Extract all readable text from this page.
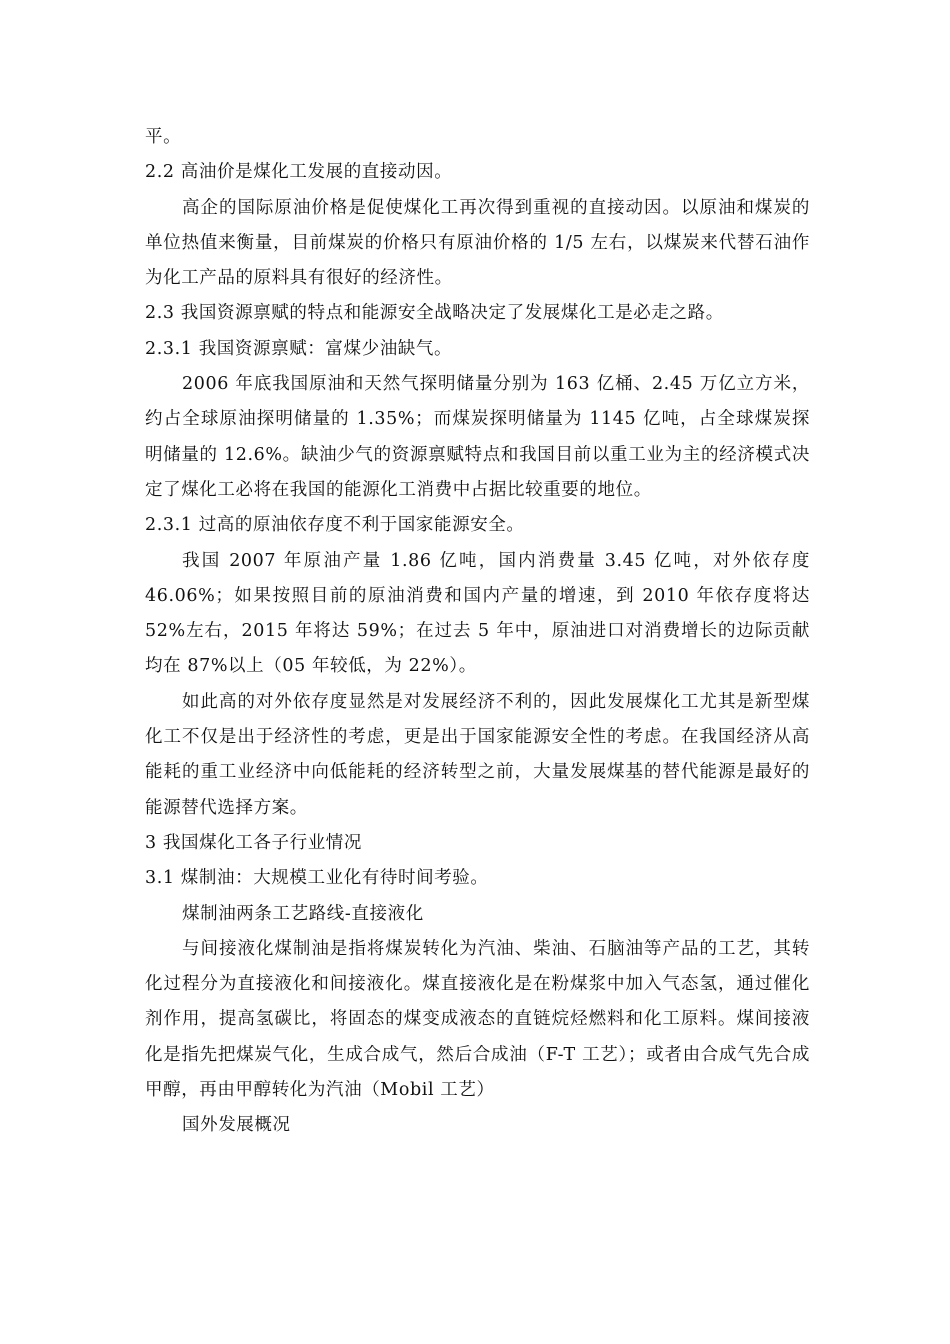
平。

2.2 高油价是煤化工发展的直接动因。

高企的国际原油价格是促使煤化工再次得到重视的直接动因。以原油和煤炭的单位热值来衡量，目前煤炭的价格只有原油价格的 1/5 左右，以煤炭来代替石油作为化工产品的原料具有很好的经济性。

2.3 我国资源禀赋的特点和能源安全战略决定了发展煤化工是必走之路。

2.3.1 我国资源禀赋：富煤少油缺气。

2006 年底我国原油和天然气探明储量分别为 163 亿桶、2.45 万亿立方米，约占全球原油探明储量的 1.35%；而煤炭探明储量为 1145 亿吨，占全球煤炭探明储量的 12.6%。缺油少气的资源禀赋特点和我国目前以重工业为主的经济模式决定了煤化工必将在我国的能源化工消费中占据比较重要的地位。

2.3.1 过高的原油依存度不利于国家能源安全。

我国 2007 年原油产量 1.86 亿吨，国内消费量 3.45 亿吨，对外依存度 46.06%；如果按照目前的原油消费和国内产量的增速，到 2010 年依存度将达 52%左右，2015 年将达 59%；在过去 5 年中，原油进口对消费增长的边际贡献均在 87%以上（05 年较低，为 22%）。

如此高的对外依存度显然是对发展经济不利的，因此发展煤化工尤其是新型煤化工不仅是出于经济性的考虑，更是出于国家能源安全性的考虑。在我国经济从高能耗的重工业经济中向低能耗的经济转型之前，大量发展煤基的替代能源是最好的能源替代选择方案。

3 我国煤化工各子行业情况

3.1 煤制油：大规模工业化有待时间考验。

煤制油两条工艺路线-直接液化

与间接液化煤制油是指将煤炭转化为汽油、柴油、石脑油等产品的工艺，其转化过程分为直接液化和间接液化。煤直接液化是在粉煤浆中加入气态氢，通过催化剂作用，提高氢碳比，将固态的煤变成液态的直链烷烃燃料和化工原料。煤间接液化是指先把煤炭气化，生成合成气，然后合成油（F-T 工艺）；或者由合成气先合成甲醇，再由甲醇转化为汽油（Mobil 工艺）

国外发展概况
